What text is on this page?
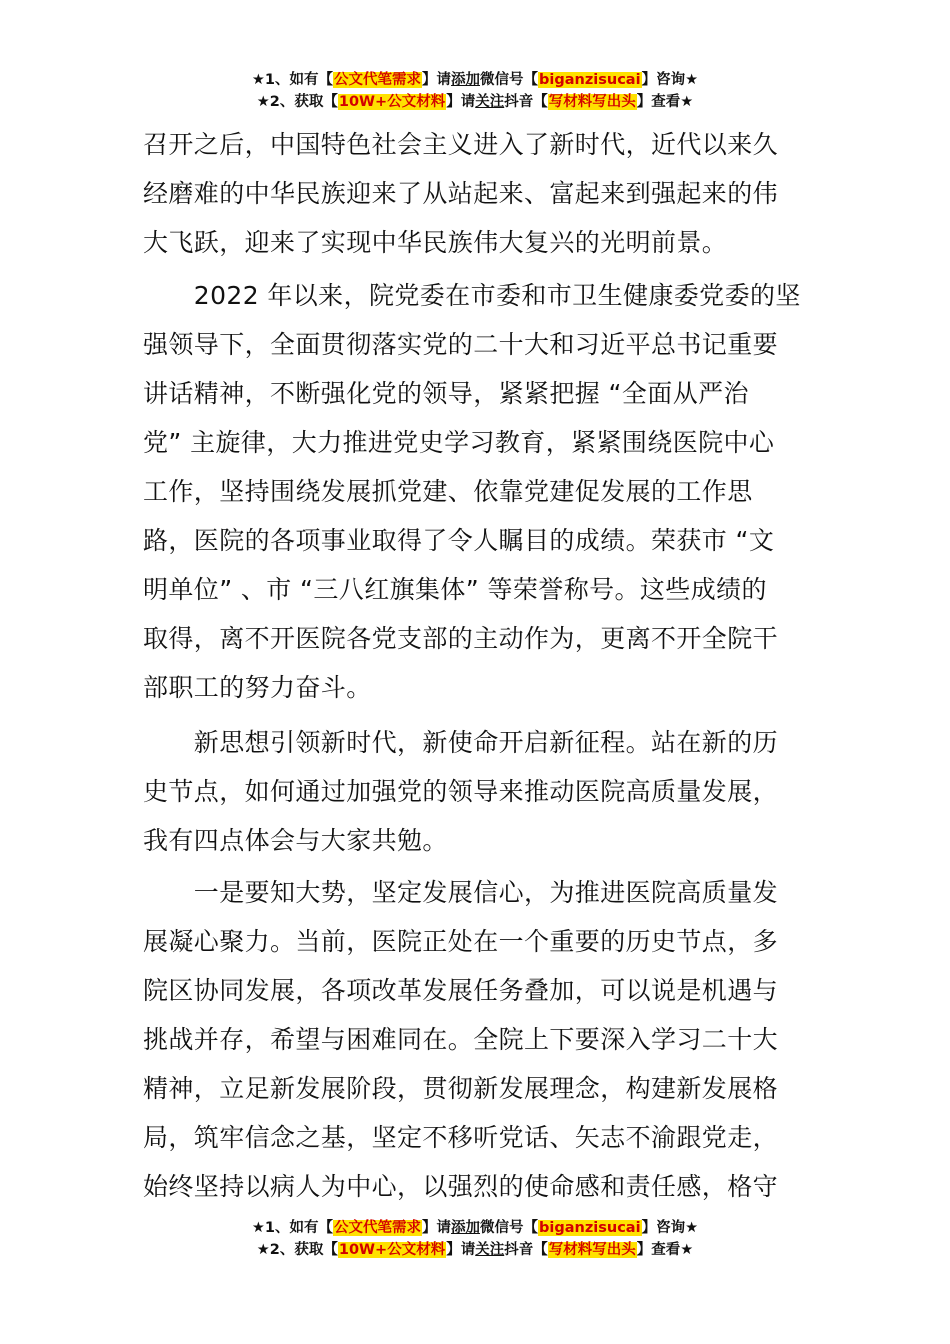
★1、如有【公文代笔需求】请添加微信号【biganzisucai】咨询★
★2、获取【10W+公文材料】请关注抖音【写材料写出头】查看★
召开之后，中国特色社会主义进入了新时代，近代以来久
经磨难的中华民族迎来了从站起来、富起来到强起来的伟
大飞跃，迎来了实现中华民族伟大复兴的光明前景。
　　2022 年以来，院党委在市委和市卫生健康委党委的坚
强领导下，全面贯彻落实党的二十大和习近平总书记重要
讲话精神，不断强化党的领导，紧紧把握 “全面从严治
党” 主旋律，大力推进党史学习教育，紧紧围绕医院中心
工作，坚持围绕发展抓党建、依靠党建促发展的工作思
路，医院的各项事业取得了令人瞩目的成绩。荣获市 “文
明单位” 、市 “三八红旗集体” 等荣誉称号。这些成绩的
取得，离不开医院各党支部的主动作为，更离不开全院干
部职工的努力奋斗。
　　新思想引领新时代，新使命开启新征程。站在新的历
史节点，如何通过加强党的领导来推动医院高质量发展，
我有四点体会与大家共勉。
　　一是要知大势，坚定发展信心，为推进医院高质量发
展凝心聚力。当前，医院正处在一个重要的历史节点，多
院区协同发展，各项改革发展任务叠加，可以说是机遇与
挑战并存，希望与困难同在。全院上下要深入学习二十大
精神，立足新发展阶段，贯彻新发展理念，构建新发展格
局，筑牢信念之基，坚定不移听党话、矢志不渝跟党走，
始终坚持以病人为中心，以强烈的使命感和责任感，格守
★1、如有【公文代笔需求】请添加微信号【biganzisucai】咨询★
★2、获取【10W+公文材料】请关注抖音【写材料写出头】查看★
